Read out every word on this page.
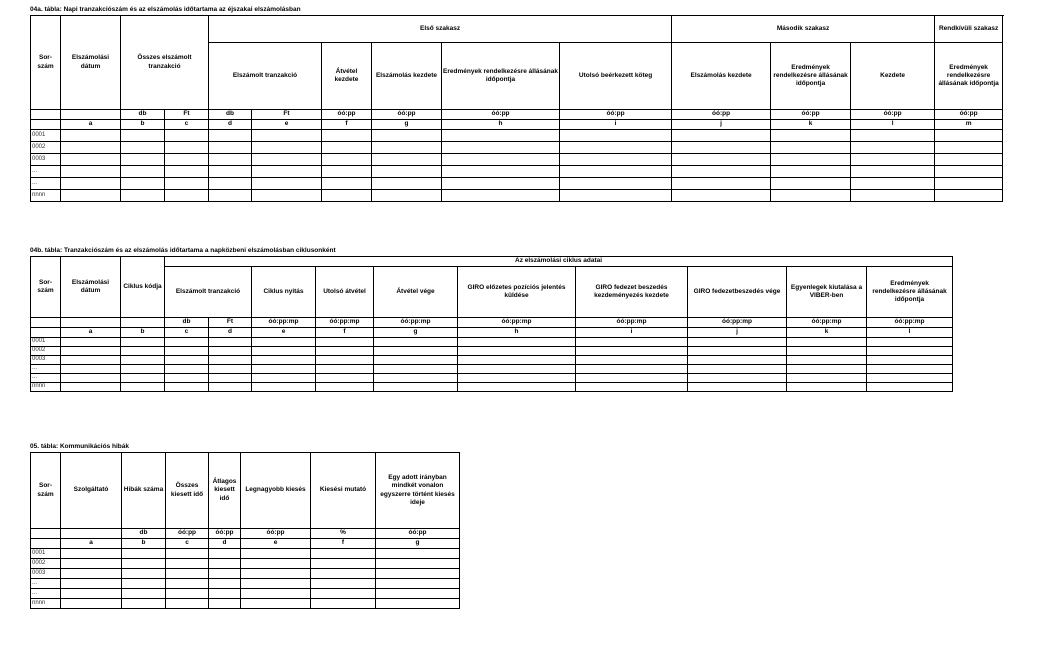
04a. tábla: Napi tranzakciószám és az elszámolás időtartama az éjszakai elszámolásban
Sor-szám	Elszámolási dátum	Összes elszámolt tranzakció		Első szakasz						Második szakasz			Rendkívüli szakasz
				Elszámolt tranzakció		Átvétel kezdete	Elszámolás kezdete	Eredmények rendelkezésre állásának időpontja	Utolsó beérkezett köteg	Elszámolás kezdete	Eredmények rendelkezésre állásának időpontja	Kezdete	Eredmények rendelkezésre állásának időpontja

		db	Ft	db	Ft	óó:pp	óó:pp	óó:pp	óó:pp	óó:pp	óó:pp	óó:pp	óó:pp
	a	b	c	d	e	f	g	h	i	j	k	l	m
0001													
0002													
0003													
...													
...													
nnnn													
04b. tábla: Tranzakciószám és az elszámolás időtartama a napközbeni elszámolásban ciklusonként
Sor-szám	Elszámolási dátum	Ciklus kódja	Az elszámolási ciklus adatai									
			Elszámolt tranzakció		Ciklus nyitás	Utolsó átvétel	Átvétel vége	GIRO előzetes pozíciós jelentés küldése	GIRO fedezet beszedés kezdeményezés kezdete	GIRO fedezetbeszedés vége	Egyenlegek kiutalása a VIBER-ben	Eredmények rendelkezésre állásának időpontja

			db	Ft	óó:pp:mp	óó:pp:mp	óó:pp:mp	óó:pp:mp	óó:pp:mp	óó:pp:mp	óó:pp:mp	óó:pp:mp
	a	b	c	d	e	f	g	h	i	j	k	l
0001												
0002												
0003												
...												
...												
nnnn												
05. tábla: Kommunikációs hibák
Sor-szám	Szolgáltató	Hibák száma	Összes kiesett idő	Átlagos kiesett idő	Legnagyobb kiesés	Kiesési mutató	Egy adott irányban mindkét vonalon egyszerre történt kiesés ideje
		db	óó:pp	óó:pp	óó:pp	%	óó:pp
	a	b	c	d	e	f	g
0001							
0002							
0003							
...							
...							
nnnn							
